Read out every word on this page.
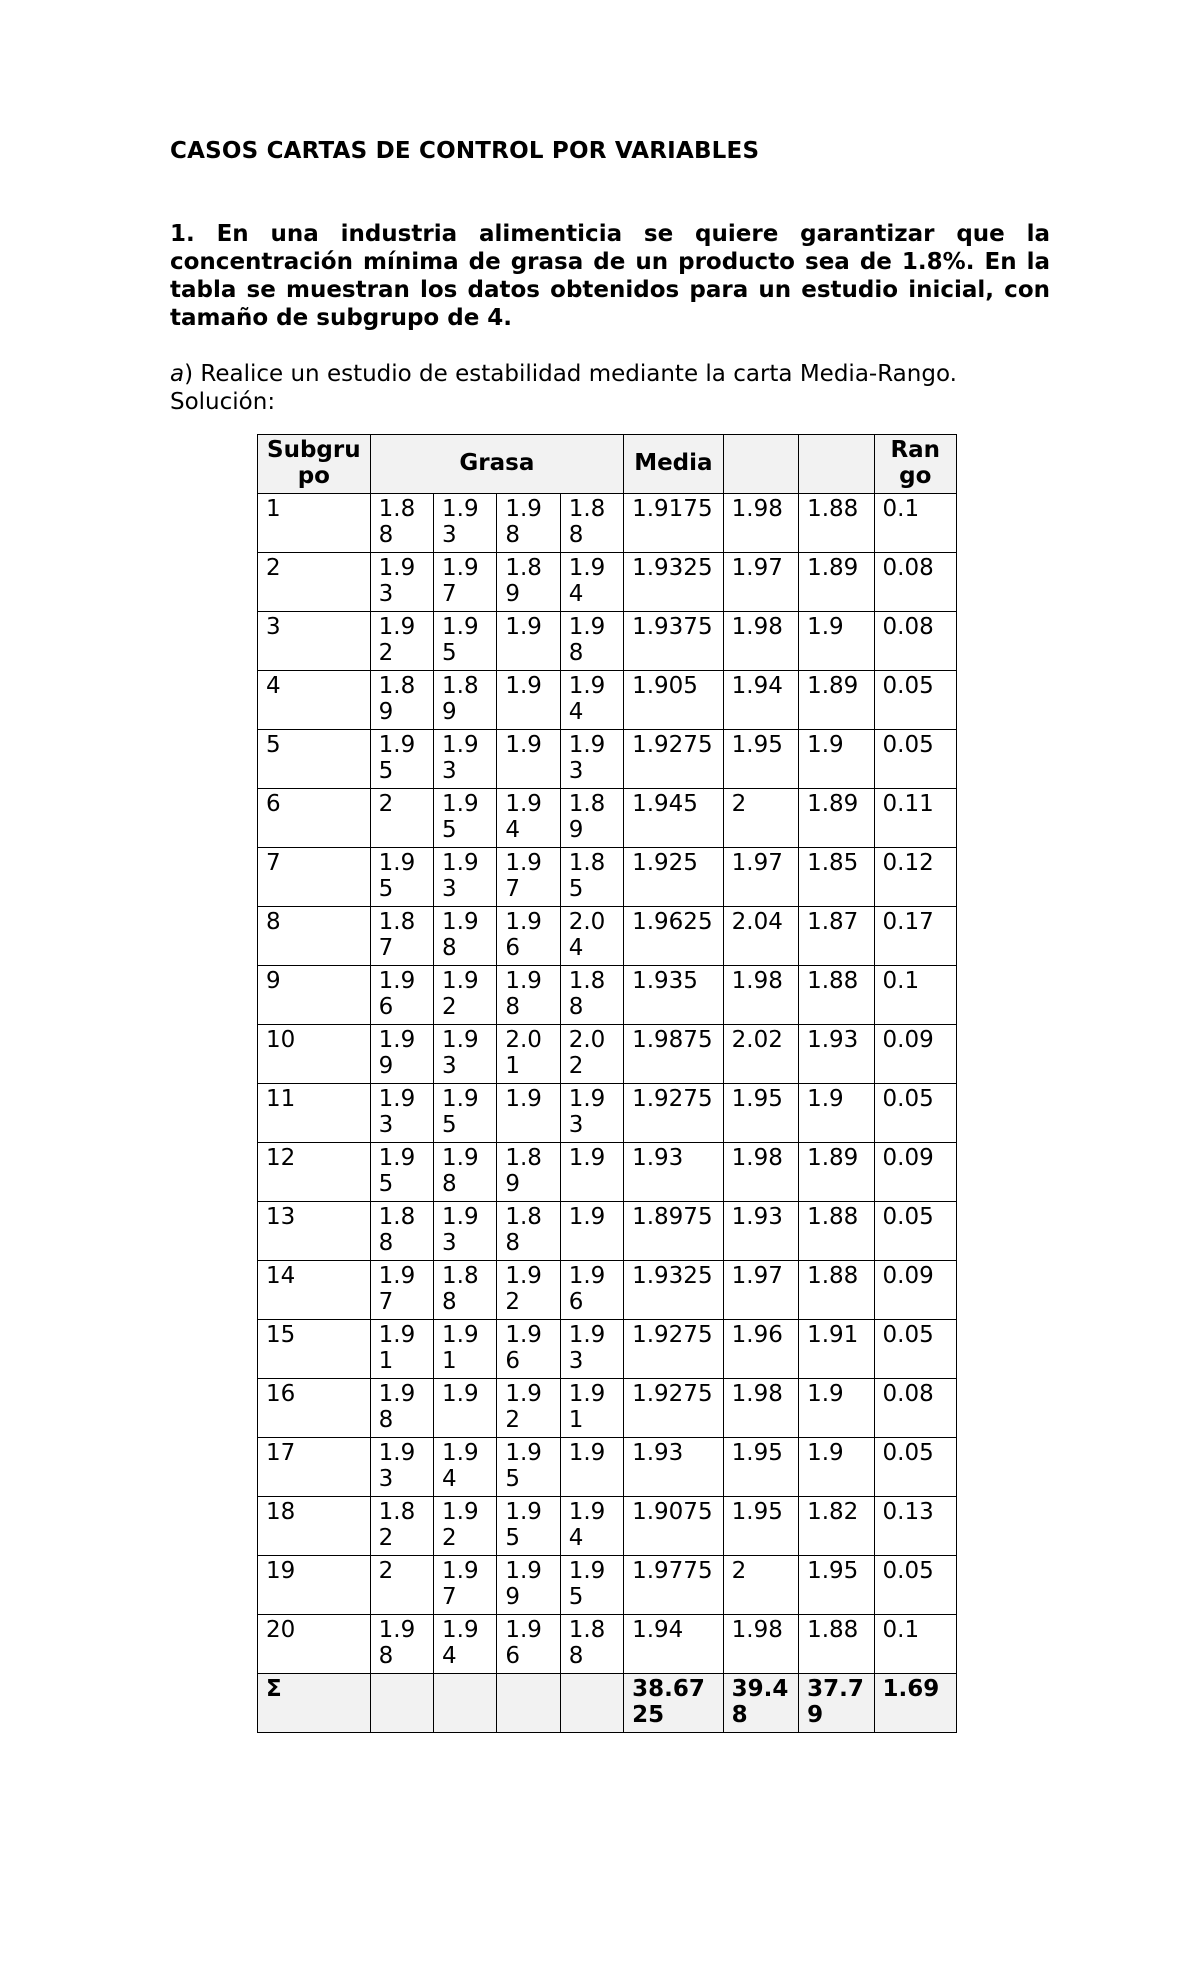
CASOS CARTAS DE CONTROL POR VARIABLES

1. En una industria alimenticia se quiere garantizar que la concentración mínima de grasa de un producto sea de 1.8%. En la tabla se muestran los datos obtenidos para un estudio inicial, con tamaño de subgrupo de 4.

a) Realice un estudio de estabilidad mediante la carta Media-Rango.
Solución:
Subgrupo	Grasa				Media			Rango
1	1.88	1.93	1.98	1.88	1.9175	1.98	1.88	0.1
2	1.93	1.97	1.89	1.94	1.9325	1.97	1.89	0.08
3	1.92	1.95	1.9	1.98	1.9375	1.98	1.9	0.08
4	1.89	1.89	1.9	1.94	1.905	1.94	1.89	0.05
5	1.95	1.93	1.9	1.93	1.9275	1.95	1.9	0.05
6	2	1.95	1.94	1.89	1.945	2	1.89	0.11
7	1.95	1.93	1.97	1.85	1.925	1.97	1.85	0.12
8	1.87	1.98	1.96	2.04	1.9625	2.04	1.87	0.17
9	1.96	1.92	1.98	1.88	1.935	1.98	1.88	0.1
10	1.99	1.93	2.01	2.02	1.9875	2.02	1.93	0.09
11	1.93	1.95	1.9	1.93	1.9275	1.95	1.9	0.05
12	1.95	1.98	1.89	1.9	1.93	1.98	1.89	0.09
13	1.88	1.93	1.88	1.9	1.8975	1.93	1.88	0.05
14	1.97	1.88	1.92	1.96	1.9325	1.97	1.88	0.09
15	1.91	1.91	1.96	1.93	1.9275	1.96	1.91	0.05
16	1.98	1.9	1.92	1.91	1.9275	1.98	1.9	0.08
17	1.93	1.94	1.95	1.9	1.93	1.95	1.9	0.05
18	1.82	1.92	1.95	1.94	1.9075	1.95	1.82	0.13
19	2	1.97	1.99	1.95	1.9775	2	1.95	0.05
20	1.98	1.94	1.96	1.88	1.94	1.98	1.88	0.1
Σ					38.6725	39.48	37.79	1.69
